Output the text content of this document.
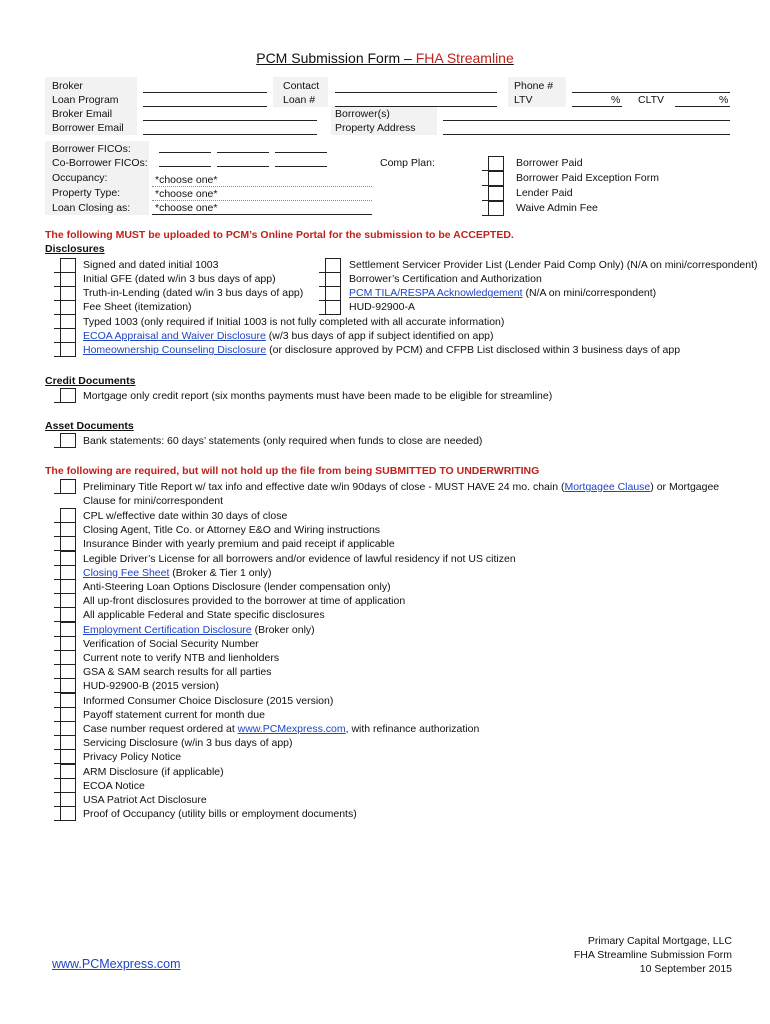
PCM Submission Form – FHA Streamline
Broker
Loan Program
Broker Email
Borrower Email
Contact
Loan #
Borrower(s)
Property Address
Phone #
LTV	% CLTV	%
Borrower FICOs:
Co-Borrower FICOs:
Occupancy:	*choose one*
Property Type:	*choose one*
Loan Closing as: *choose one*
Comp Plan:	Borrower Paid
Borrower Paid Exception Form
Lender Paid
Waive Admin Fee
The following MUST be uploaded to PCM’s Online Portal for the submission to be ACCEPTED.
Disclosures
Signed and dated initial 1003
Initial GFE (dated w/in 3 bus days of app)
Truth-in-Lending (dated w/in 3 bus days of app)
Fee Sheet (itemization)
Settlement Servicer Provider List (Lender Paid Comp Only) (N/A on mini/correspondent)
Borrower’s Certification and Authorization
PCM TILA/RESPA Acknowledgement (N/A on mini/correspondent)
HUD-92900-A
Typed 1003 (only required if Initial 1003 is not fully completed with all accurate information)
ECOA Appraisal and Waiver Disclosure (w/3 bus days of app if subject identified on app)
Homeownership Counseling Disclosure (or disclosure approved by PCM) and CFPB List disclosed within 3 business days of app
Credit Documents
Mortgage only credit report (six months payments must have been made to be eligible for streamline)
Asset Documents
Bank statements: 60 days’ statements (only required when funds to close are needed)
The following are required, but will not hold up the file from being SUBMITTED TO UNDERWRITING
Preliminary Title Report w/ tax info and effective date w/in 90days of close - MUST HAVE 24 mo. chain (Mortgagee Clause) or Mortgagee
Clause for mini/correspondent
CPL w/effective date within 30 days of close
Closing Agent, Title Co. or Attorney E&O and Wiring instructions
Insurance Binder with yearly premium and paid receipt if applicable
Legible Driver’s License for all borrowers and/or evidence of lawful residency if not US citizen
Closing Fee Sheet (Broker & Tier 1 only)
Anti-Steering Loan Options Disclosure (lender compensation only)
All up-front disclosures provided to the borrower at time of application
All applicable Federal and State specific disclosures
Employment Certification Disclosure (Broker only)
Verification of Social Security Number
Current note to verify NTB and lienholders
GSA & SAM search results for all parties
HUD-92900-B (2015 version)
Informed Consumer Choice Disclosure (2015 version)
Payoff statement current for month due
Case number request ordered at www.PCMexpress.com, with refinance authorization
Servicing Disclosure (w/in 3 bus days of app)
Privacy Policy Notice
ARM Disclosure (if applicable)
ECOA Notice
USA Patriot Act Disclosure
Proof of Occupancy (utility bills or employment documents)
www.PCMexpress.com
Primary Capital Mortgage, LLC
FHA Streamline Submission Form
10 September 2015
